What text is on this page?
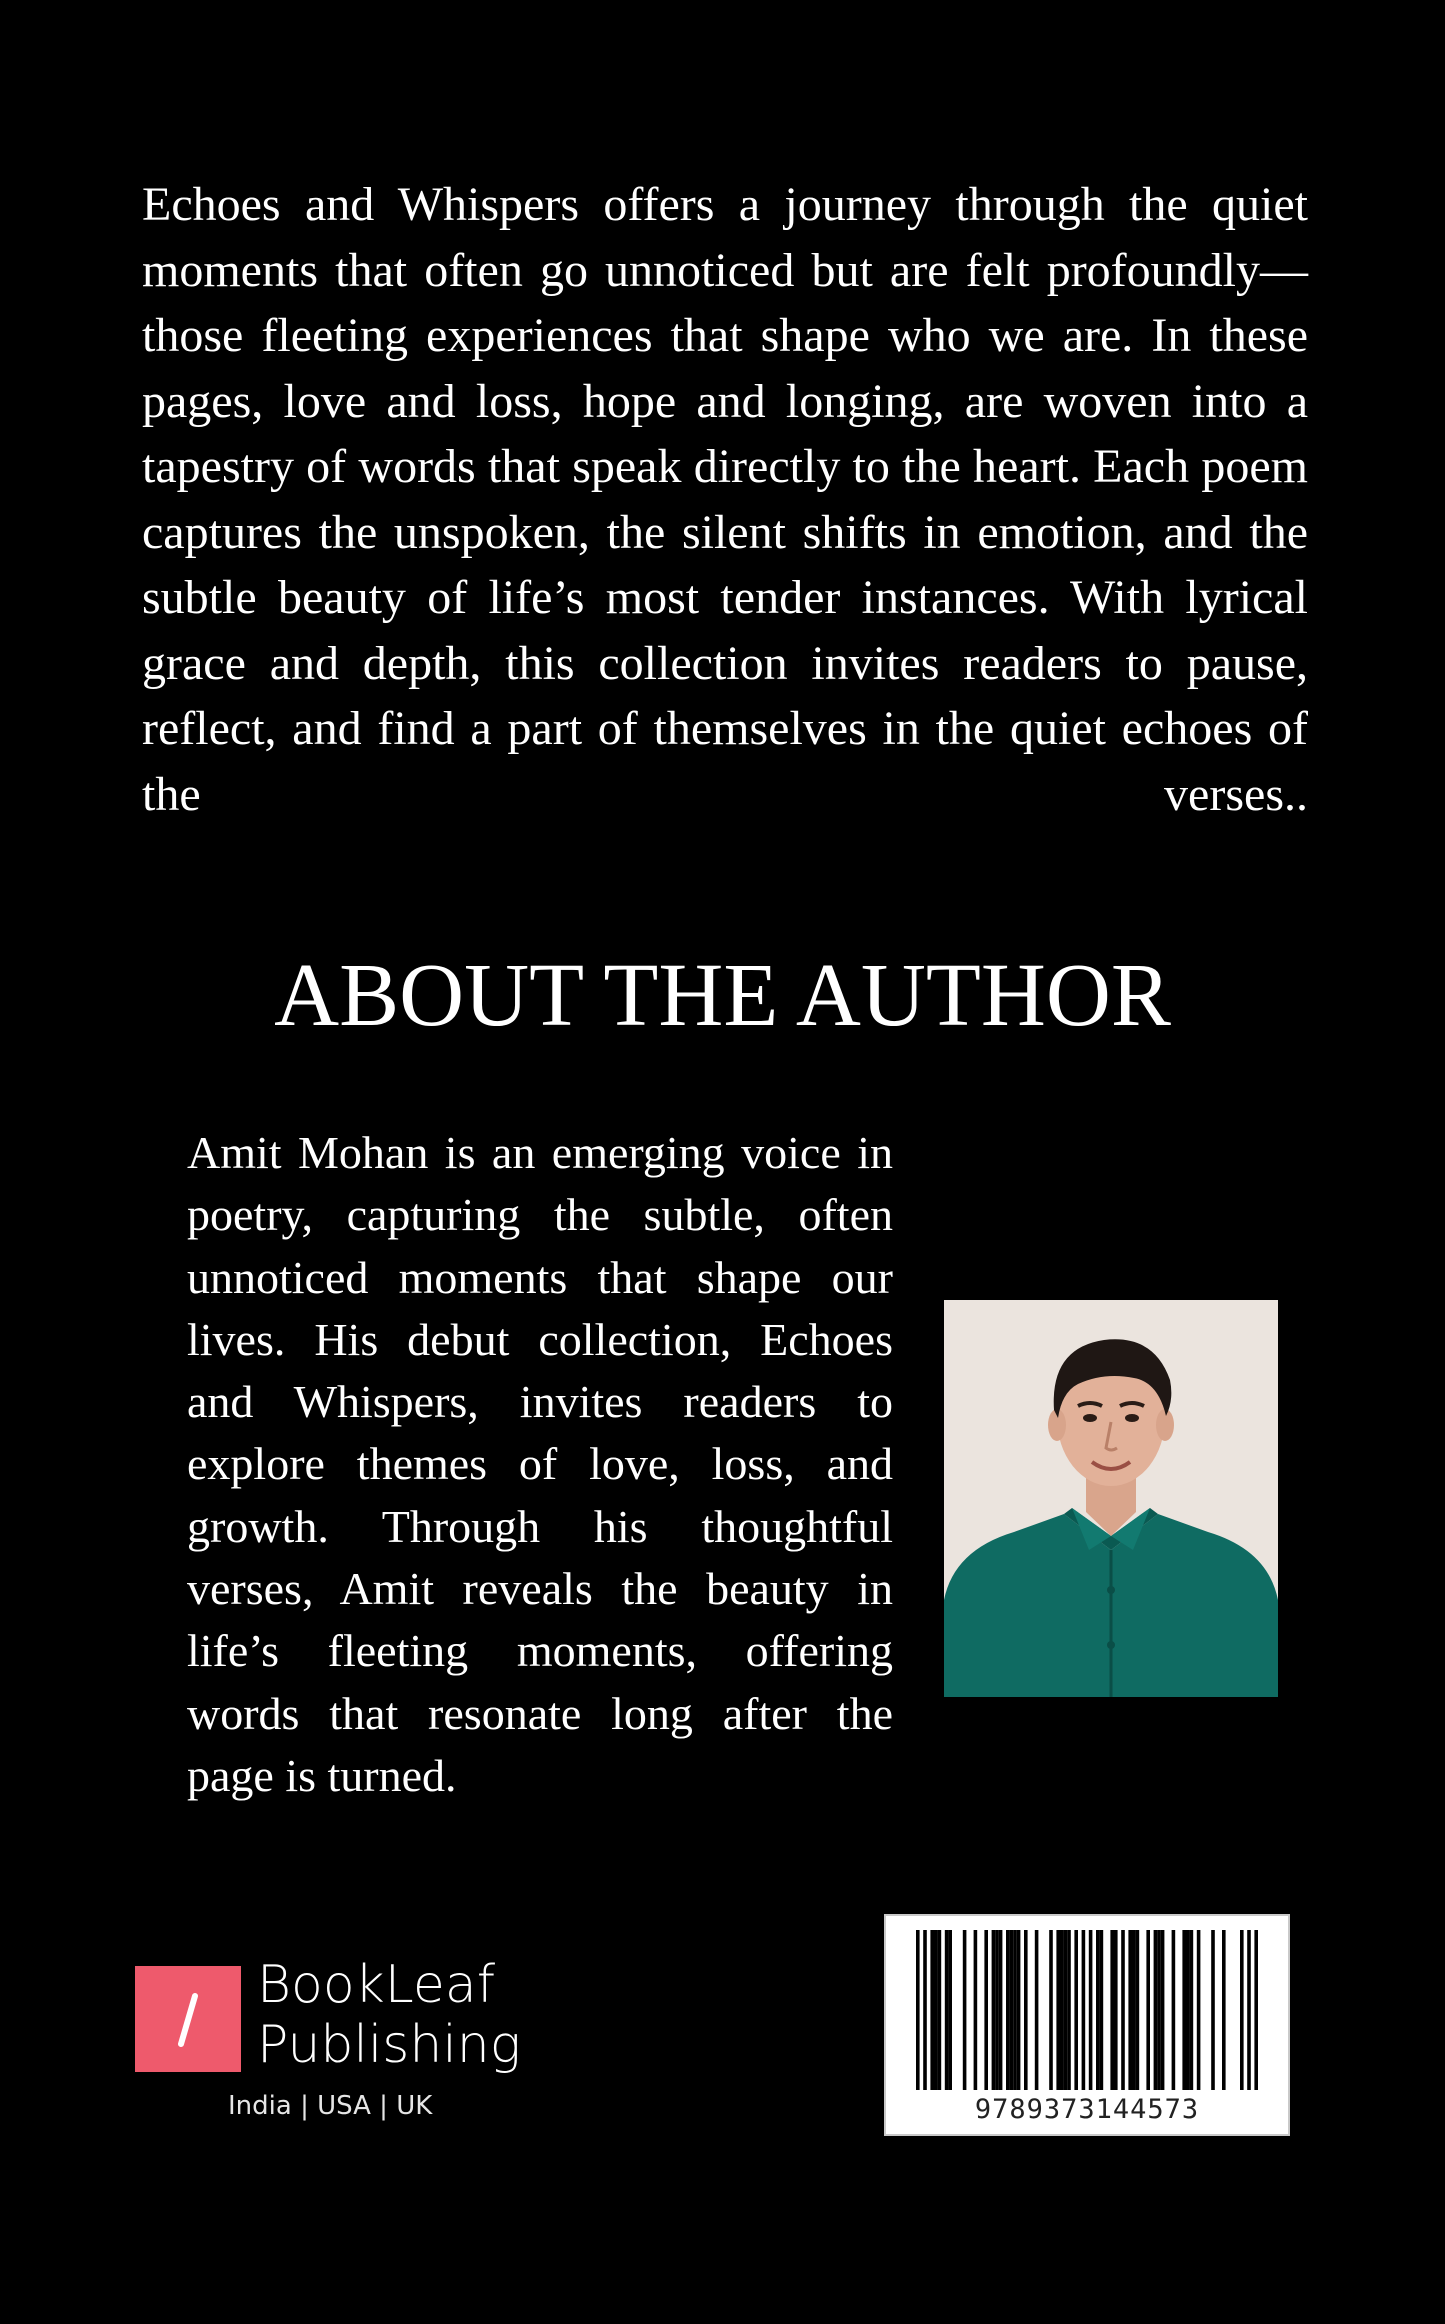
Echoes and Whispers offers a journey through the quiet moments that often go unnoticed but are felt profoundly—those fleeting experiences that shape who we are. In these pages, love and loss, hope and longing, are woven into a tapestry of words that speak directly to the heart. Each poem captures the unspoken, the silent shifts in emotion, and the subtle beauty of life’s most tender instances. With lyrical grace and depth, this collection invites readers to pause, reflect, and find a part of themselves in the quiet echoes of the verses..

ABOUT THE AUTHOR

Amit Mohan is an emerging voice in poetry, capturing the subtle, often unnoticed moments that shape our lives. His debut collection, Echoes and Whispers, invites readers to explore themes of love, loss, and growth. Through his thoughtful verses, Amit reveals the beauty in life’s fleeting moments, offering words that resonate long after the page is turned.

BookLeaf
Publishing
India | USA | UK	9789373144573
